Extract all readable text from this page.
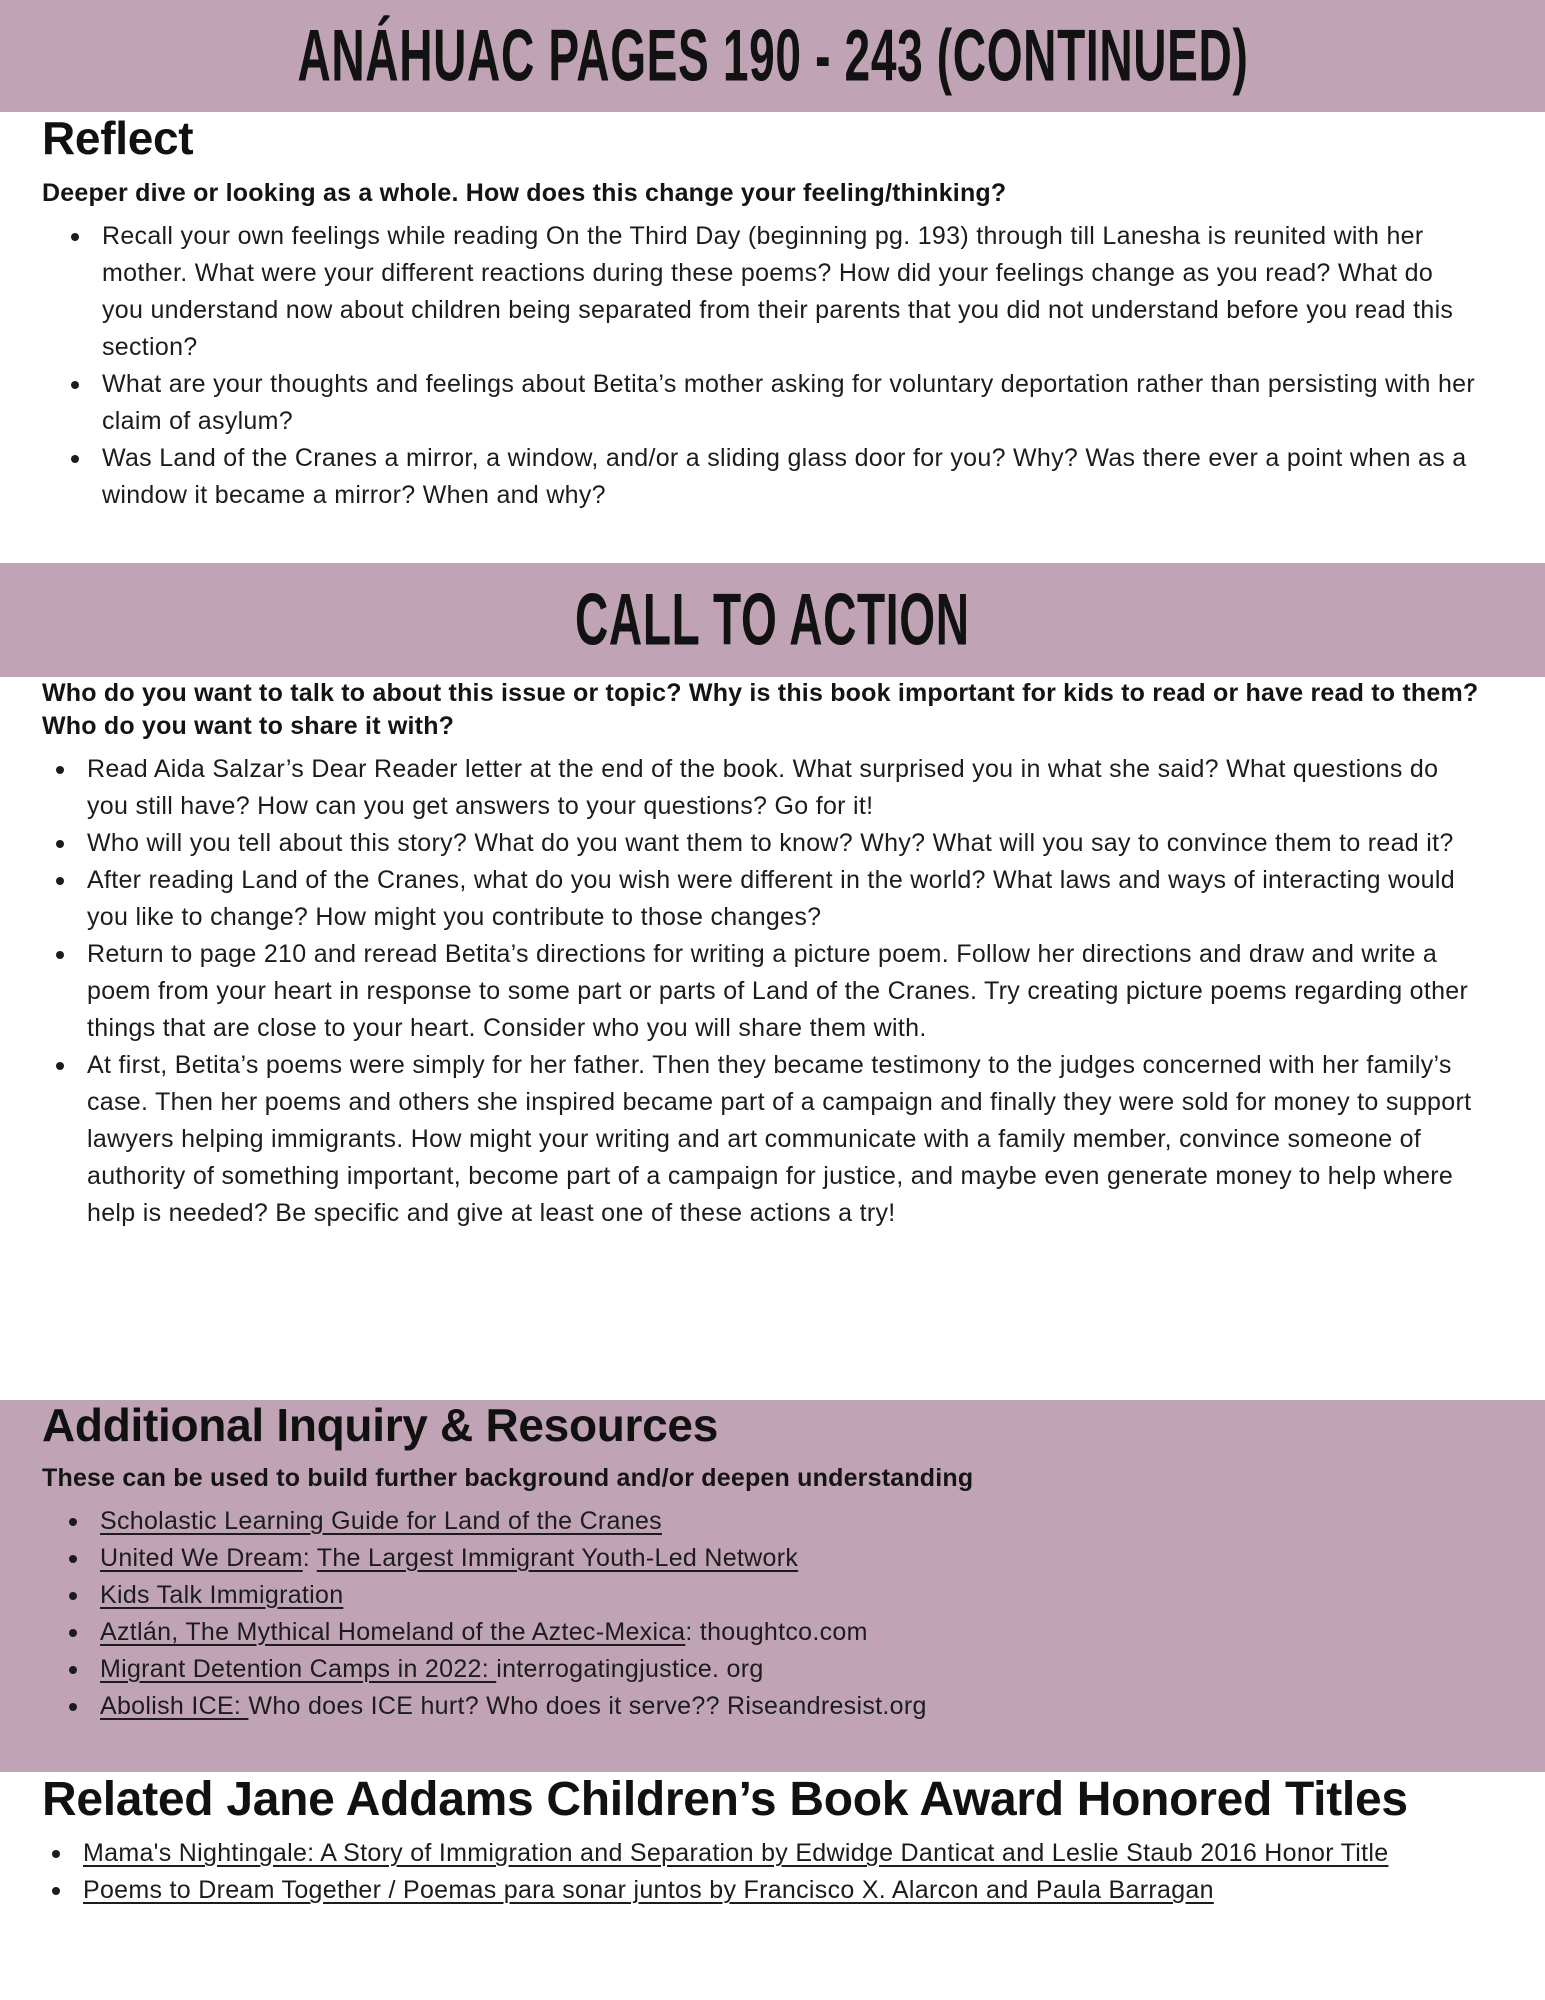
ANÁHUAC PAGES 190 - 243 (CONTINUED)
Reflect

Deeper dive or looking as a whole. How does this change your feeling/thinking?

Recall your own feelings while reading On the Third Day (beginning pg. 193) through till Lanesha is reunited with her mother. What were your different reactions during these poems? How did your feelings change as you read? What do you understand now about children being separated from their parents that you did not understand before you read this section?
What are your thoughts and feelings about Betita’s mother asking for voluntary deportation rather than persisting with her claim of asylum?
Was Land of the Cranes a mirror, a window, and/or a sliding glass door for you? Why? Was there ever a point when as a window it became a mirror? When and why?
CALL TO ACTION

Who do you want to talk to about this issue or topic? Why is this book important for kids to read or have read to them? Who do you want to share it with?

Read Aida Salzar’s Dear Reader letter at the end of the book. What surprised you in what she said? What questions do you still have? How can you get answers to your questions? Go for it!
Who will you tell about this story? What do you want them to know? Why? What will you say to convince them to read it?
After reading Land of the Cranes, what do you wish were different in the world? What laws and ways of interacting would you like to change? How might you contribute to those changes?
Return to page 210 and reread Betita’s directions for writing a picture poem. Follow her directions and draw and write a poem from your heart in response to some part or parts of Land of the Cranes. Try creating picture poems regarding other things that are close to your heart. Consider who you will share them with.
At first, Betita’s poems were simply for her father. Then they became testimony to the judges concerned with her family’s case. Then her poems and others she inspired became part of a campaign and finally they were sold for money to support lawyers helping immigrants. How might your writing and art communicate with a family member, convince someone of authority of something important, become part of a campaign for justice, and maybe even generate money to help where help is needed? Be specific and give at least one of these actions a try!
Additional Inquiry & Resources

These can be used to build further background and/or deepen understanding

Scholastic Learning Guide for Land of the Cranes
United We Dream: The Largest Immigrant Youth-Led Network
Kids Talk Immigration
Aztlán, The Mythical Homeland of the Aztec-Mexica: thoughtco.com
Migrant Detention Camps in 2022: interrogatingjustice. org
Abolish ICE: Who does ICE hurt? Who does it serve?? Riseandresist.org
Related Jane Addams Children’s Book Award Honored Titles
Mama's Nightingale: A Story of Immigration and Separation by Edwidge Danticat and Leslie Staub 2016 Honor Title
Poems to Dream Together / Poemas para sonar juntos by Francisco X. Alarcon and Paula Barragan
